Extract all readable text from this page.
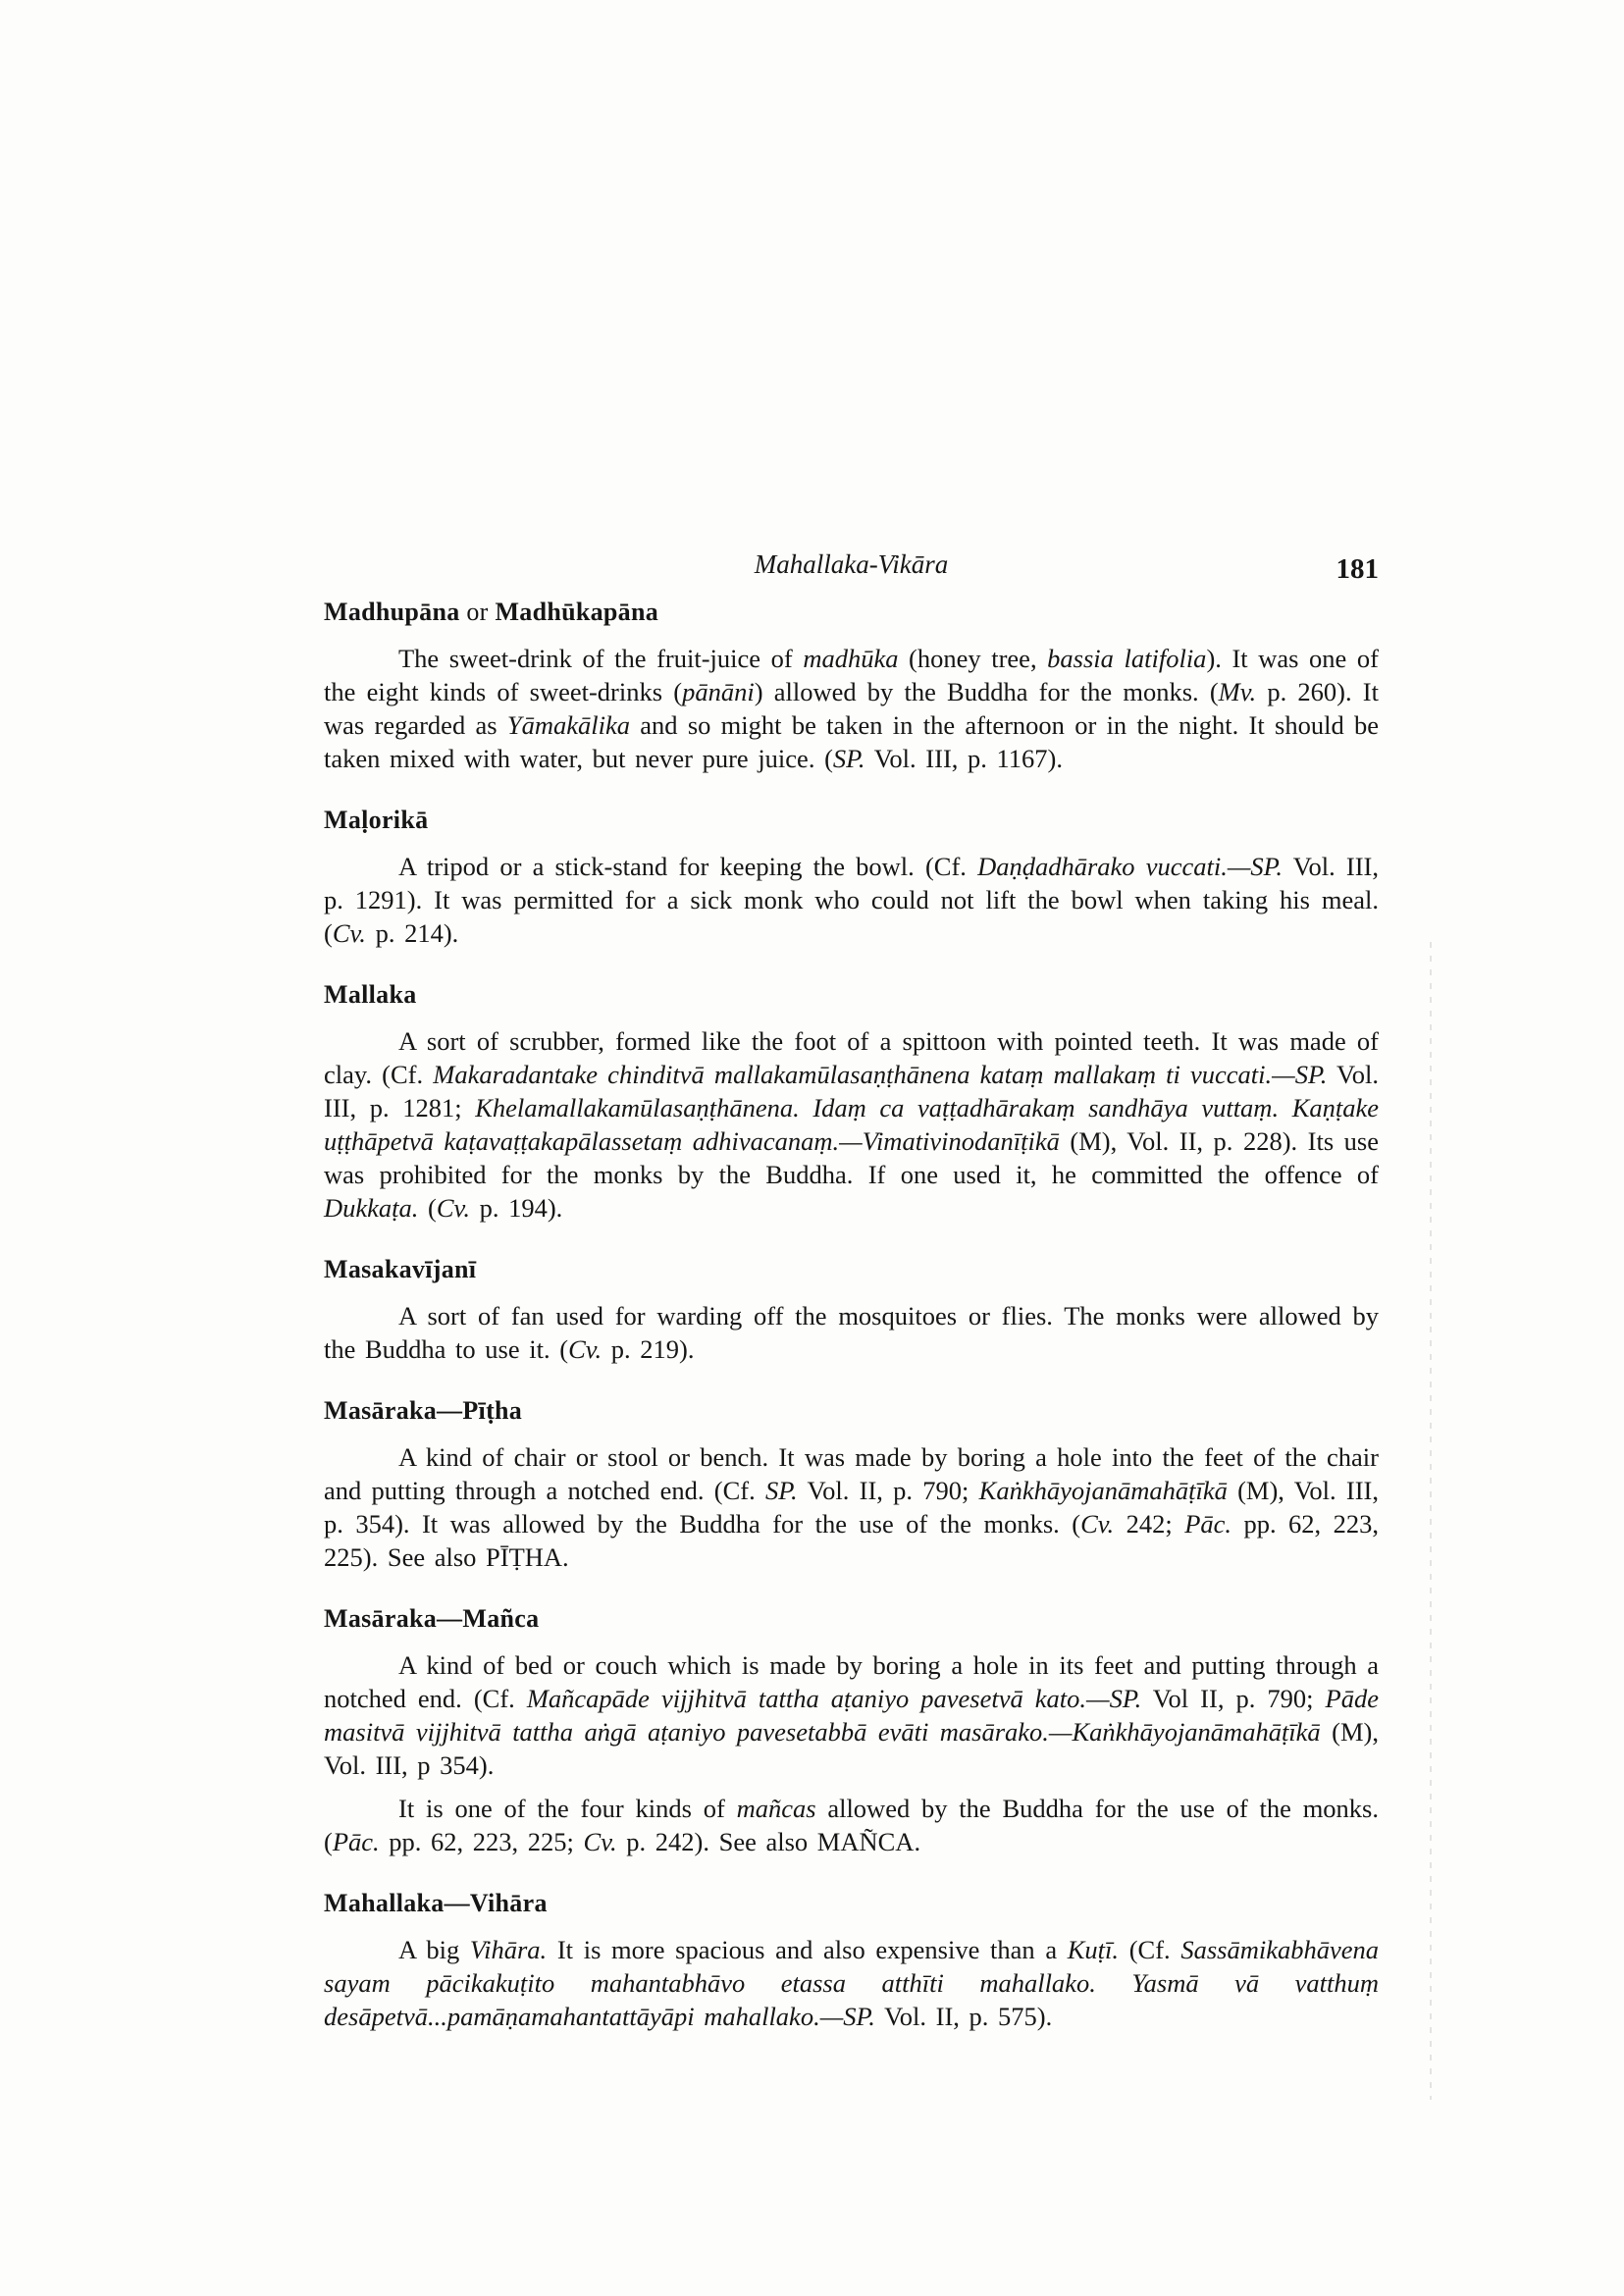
Mahallaka-Vikāra	181
Madhupāna or Madhūkapāna

The sweet-drink of the fruit-juice of madhūka (honey tree, bassia latifolia). It was one of the eight kinds of sweet-drinks (pānāni) allowed by the Buddha for the monks. (Mv. p. 260). It was regarded as Yāmakālika and so might be taken in the afternoon or in the night. It should be taken mixed with water, but never pure juice. (SP. Vol. III, p. 1167).

Maḷorikā

A tripod or a stick-stand for keeping the bowl. (Cf. Daṇḍadhārako vuccati.—SP. Vol. III, p. 1291). It was permitted for a sick monk who could not lift the bowl when taking his meal. (Cv. p. 214).

Mallaka

A sort of scrubber, formed like the foot of a spittoon with pointed teeth. It was made of clay. (Cf. Makaradantake chinditvā mallakamūlasaṇṭhānena kataṃ mallakaṃ ti vuccati.—SP. Vol. III, p. 1281; Khelamallakamūlasaṇṭhānena. Idaṃ ca vaṭṭadhārakaṃ sandhāya vuttaṃ. Kaṇṭake uṭṭhāpetvā kaṭavaṭṭakapālassetaṃ adhivacanaṃ.—Vimativinodanīṭikā (M), Vol. II, p. 228). Its use was prohibited for the monks by the Buddha. If one used it, he committed the offence of Dukkaṭa. (Cv. p. 194).

Masakavījanī

A sort of fan used for warding off the mosquitoes or flies. The monks were allowed by the Buddha to use it. (Cv. p. 219).

Masāraka—Pīṭha

A kind of chair or stool or bench. It was made by boring a hole into the feet of the chair and putting through a notched end. (Cf. SP. Vol. II, p. 790; Kaṅkhāyojanāmahāṭīkā (M), Vol. III, p. 354). It was allowed by the Buddha for the use of the monks. (Cv. 242; Pāc. pp. 62, 223, 225). See also PĪṬHA.

Masāraka—Mañca

A kind of bed or couch which is made by boring a hole in its feet and putting through a notched end. (Cf. Mañcapāde vijjhitvā tattha aṭaniyo pavesetvā kato.—SP. Vol II, p. 790; Pāde masitvā vijjhitvā tattha aṅgā aṭaniyo pavesetabbā evāti masārako.—Kaṅkhāyojanāmahāṭīkā (M), Vol. III, p 354).

It is one of the four kinds of mañcas allowed by the Buddha for the use of the monks. (Pāc. pp. 62, 223, 225; Cv. p. 242). See also MAÑCA.

Mahallaka—Vihāra

A big Vihāra. It is more spacious and also expensive than a Kuṭī. (Cf. Sassāmikabhāvena sayam pācikakuṭito mahantabhāvo etassa atthīti mahallako. Yasmā vā vatthuṃ desāpetvā...pamāṇamahantattāyāpi mahallako.—SP. Vol. II, p. 575).
